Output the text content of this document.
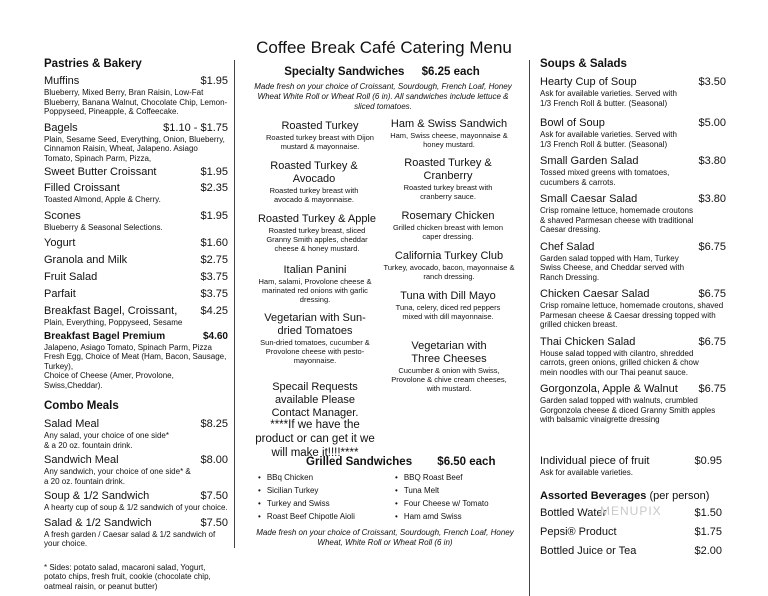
Coffee Break Café Catering Menu
Pastries & Bakery
Muffins	$1.95
Blueberry, Mixed Berry, Bran Raisin, Low-Fat Blueberry, Banana Walnut, Chocolate Chip, Lemon-Poppyseed, Pineapple, & Coffeecake.
Bagels	$1.10 - $1.75
Plain, Sesame Seed, Everything, Onion, Blueberry, Cinnamon Raisin, Wheat, Jalapeno. Asiago Tomato, Spinach Parm, Pizza,
Sweet Butter Croissant	$1.95
Filled Croissant	$2.35
Toasted Almond, Apple & Cherry.
Scones	$1.95
Blueberry & Seasonal Selections.
Yogurt	$1.60
Granola and Milk	$2.75
Fruit Salad	$3.75
Parfait	$3.75
Breakfast Bagel, Croissant, $4.25
Plain, Everything, Poppyseed, Sesame
Breakfast Bagel Premium	$4.60
Jalapeno, Asiago Tomato, Spinach Parm, Pizza
Fresh Egg, Choice of Meat (Ham, Bacon, Sausage, Turkey),
Choice of Cheese (Amer, Provolone, Swiss,Cheddar).
Combo Meals
Salad Meal	$8.25
Any salad, your choice of one side* & a 20 oz. fountain drink.
Sandwich Meal	$8.00
Any sandwich, your choice of one side* & a 20 oz. fountain drink.
Soup & 1/2 Sandwich	$7.50
A hearty cup of soup & 1/2 sandwich of your choice.
Salad & 1/2 Sandwich	$7.50
A fresh garden / Caesar salad & 1/2 sandwich of your choice.
* Sides: potato salad, macaroni salad, Yogurt, potato chips, fresh fruit, cookie (chocolate chip, oatmeal raisin, or peanut butter)
Specialty Sandwiches $6.25 each
Made fresh on your choice of Croissant, Sourdough, French Loaf, Honey Wheat White Roll or Wheat Roll (6 in). All sandwiches include lettuce & sliced tomatoes.
Roasted Turkey
Roasted turkey breast with Dijon mustard & mayonnaise.
Roasted Turkey & Avocado
Roasted turkey breast with avocado & mayonnaise.
Roasted Turkey & Apple
Roasted turkey breast, sliced Granny Smith apples, cheddar cheese & honey mustard.
Italian Panini
Ham, salami, Provolone cheese & marinated red onions with garlic dressing.
Vegetarian with Sun-dried Tomatoes
Sun-dried tomatoes, cucumber & Provolone cheese with pesto-mayonnaise.
Ham & Swiss Sandwich
Ham, Swiss cheese, mayonnaise & honey mustard.
Roasted Turkey & Cranberry
Roasted turkey breast with cranberry sauce.
Rosemary Chicken
Grilled chicken breast with lemon caper dressing.
California Turkey Club
Turkey, avocado, bacon, mayonnaise & ranch dressing.
Tuna with Dill Mayo
Tuna, celery, diced red peppers mixed with dill mayonnaise.
Vegetarian with Three Cheeses
Cucumber & onion with Swiss, Provolone & chive cream cheeses, with mustard.
Specail Requests available Please Contact Manager.
****If we have the product or can get it we will make it!!!!****
Grilled Sandwiches $6.50 each
• BBq Chicken
• Sicilian Turkey
• Turkey and Swiss
• Roast Beef Chipotle Aioli
• BBQ Roast Beef
• Tuna Melt
• Four Cheese w/ Tomato
• Ham amd Swiss
Made fresh on your choice of Croissant, Sourdough, French Loaf, Honey Wheat, White Roll or Wheat Roll (6 in)
Soups & Salads
Hearty Cup of Soup	$3.50
Ask for available varieties. Served with 1/3 French Roll & butter. (Seasonal)
Bowl of Soup	$5.00
Ask for available varieties. Served with 1/3 French Roll & butter. (Seasonal)
Small Garden Salad	$3.80
Tossed mixed greens with tomatoes, cucumbers & carrots.
Small Caesar Salad	$3.80
Crisp romaine lettuce, homemade croutons & shaved Parmesan cheese with traditional Caesar dressing.
Chef Salad	$6.75
Garden salad topped with Ham, Turkey Swiss Cheese, and Cheddar served with Ranch Dressing.
Chicken Caesar Salad	$6.75
Crisp romaine lettuce, homemade croutons, shaved Parmesan cheese & Caesar dressing topped with grilled chicken breast.
Thai Chicken Salad	$6.75
House salad topped with cilantro, shredded carrots, green onions, grilled chicken & chow mein noodles with our Thai peanut sauce.
Gorgonzola, Apple & Walnut $6.75
Garden salad topped with walnuts, crumbled Gorgonzola cheese & diced Granny Smith apples with balsamic vinaigrette dressing
Individual piece of fruit	$0.95
Ask for available varieties.
Assorted Beverages (per person)
Bottled Water	$1.50
Pepsi® Product	$1.75
Bottled Juice or Tea	$2.00
MENUPIX
